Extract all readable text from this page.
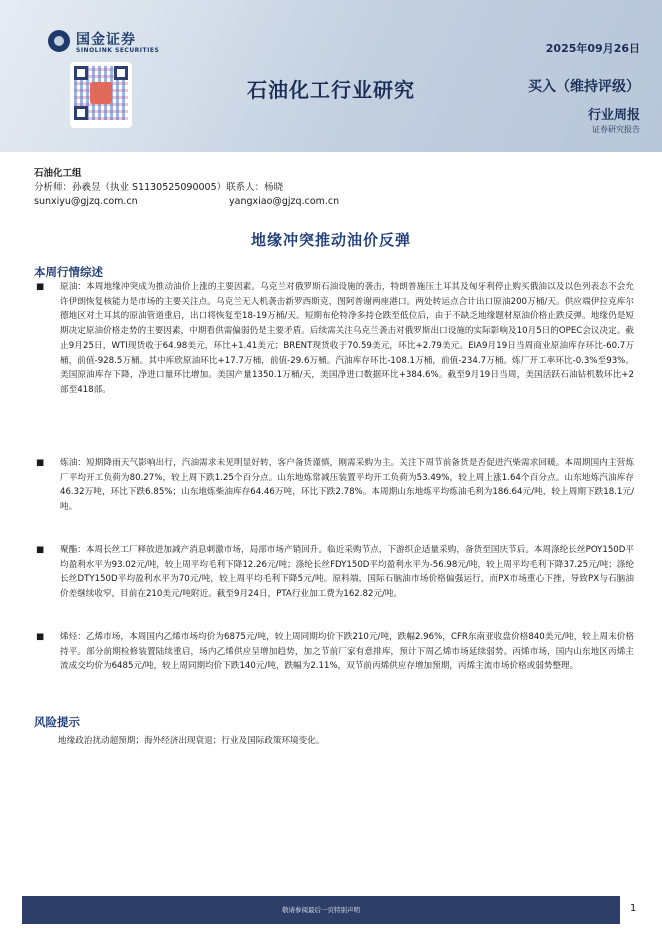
国金证券
SINOLINK SECURITIES	2025年09月26日
石油化工行业研究	买入（维持评级）
行业周报
证券研究报告
石油化工组
分析师：孙羲昱（执业 S1130525090005）联系人：杨晓
sunxiyu@gjzq.com.cn	yangxiao@gjzq.com.cn
地缘冲突推动油价反弹
本周行情综述
■	原油：本周地缘冲突成为推动油价上涨的主要因素。乌克兰对俄罗斯石油设施的袭击，特朗普施压土耳其及匈牙利停止购买俄油以及以色列表态不会允许伊朗恢复核能力是市场的主要关注点。乌克兰无人机袭击新罗西斯克，图阿普谢两座港口。两处转运点合计出口原油200万桶/天。供应端伊拉克库尔德地区对土耳其的原油管道重启，出口将恢复至18-19万桶/天。短期布伦特净多持仓跌至低位后，由于不缺乏地缘题材原油价格止跌反弹。地缘仍是短期决定原油价格走势的主要因素，中期看供需偏弱仍是主要矛盾。后续需关注乌克兰袭击对俄罗斯出口设施的实际影响及10月5日的OPEC会议决定。截止9月25日，WTI现货收于64.98美元，环比+1.41美元；BRENT现货收于70.59美元，环比+2.79美元。EIA9月19日当周商业原油库存环比-60.7万桶，前值-928.5万桶。其中库欣原油环比+17.7万桶，前值-29.6万桶。汽油库存环比-108.1万桶，前值-234.7万桶。炼厂开工率环比-0.3%至93%。美国原油库存下降，净进口量环比增加。美国产量1350.1万桶/天，美国净进口数据环比+384.6%。截至9月19日当周，美国活跃石油钻机数环比+2部至418部。
■	炼油：短期降雨天气影响出行，汽油需求未见明显好转，客户备货谨慎，刚需采购为主。关注下周节前备货是否促进汽柴需求回暖。本周期国内主营炼厂平均开工负荷为80.27%，较上周下跌1.25个百分点。山东地炼常减压装置平均开工负荷为53.49%，较上周上涨1.64个百分点。山东地炼汽油库存46.32万吨，环比下跌6.85%；山东地炼柴油库存64.46万吨，环比下跌2.78%。本周期山东地炼平均炼油毛利为186.64元/吨，较上周期下跌18.1元/吨。
■	聚酯：本周长丝工厂释放进加减产消息刺激市场，局部市场产销回升。临近采购节点，下游织企适量采购，备货至国庆节后。本周涤纶长丝POY150D平均盈利水平为93.02元/吨，较上周平均毛利下降12.26元/吨；涤纶长丝FDY150D平均盈利水平为-56.98元/吨，较上周平均毛利下降37.25元/吨；涤纶长丝DTY150D平均盈利水平为70元/吨，较上周平均毛利下降5元/吨。原料端，国际石脑油市场价格偏强运行，而PX市场重心下挫，导致PX与石脑油价差继续收窄，目前在210美元/吨附近。截至9月24日，PTA行业加工费为162.82元/吨。
■	烯烃：乙烯市场，本周国内乙烯市场均价为6875元/吨，较上周同期均价下跌210元/吨，跌幅2.96%，CFR东南亚收盘价格840美元/吨，较上周末价格持平。部分前期检修装置陆续重启，场内乙烯供应呈增加趋势，加之节前厂家有意排库，预计下周乙烯市场延续弱势。丙烯市场，国内山东地区丙烯主流成交均价为6485元/吨，较上周同期均价下跌140元/吨，跌幅为2.11%，双节前丙烯供应存增加预期，丙烯主流市场价格或弱势整理。
风险提示
地缘政治扰动超预期；海外经济出现衰退；行业及国际政策环境变化。
敬请参阅最后一页特别声明	1
